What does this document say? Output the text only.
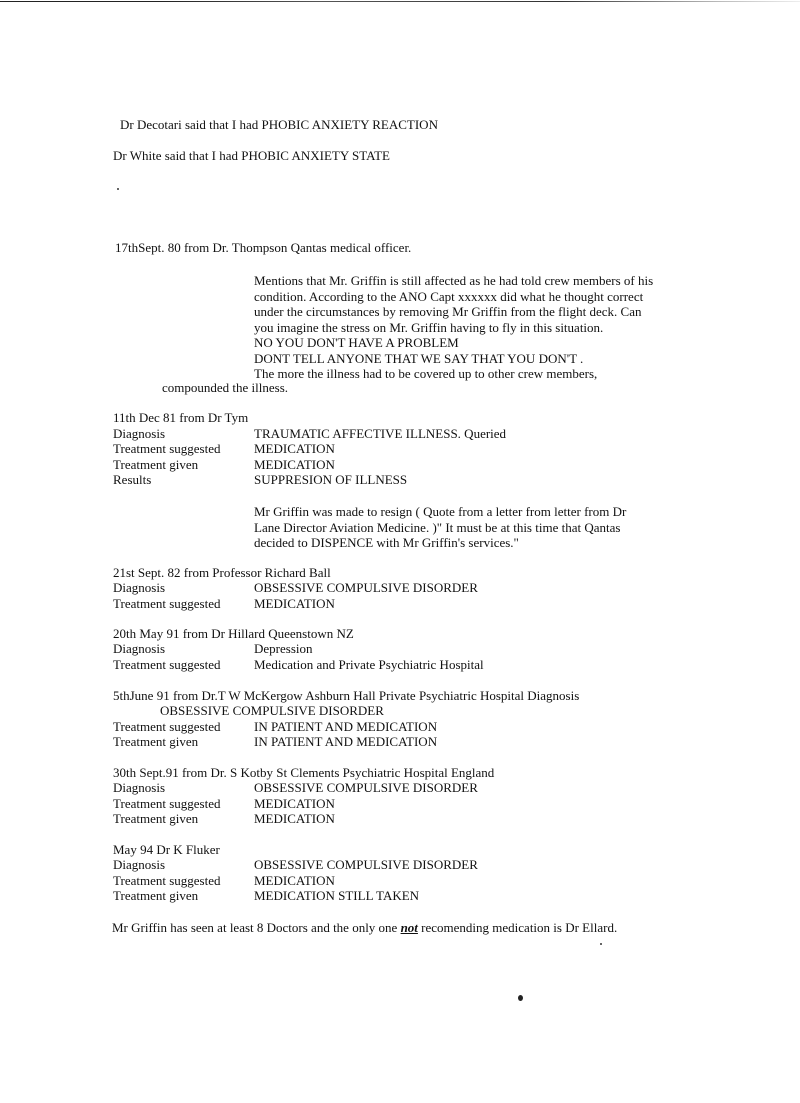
Dr Decotari said that I had PHOBIC ANXIETY REACTION

Dr White said that I had PHOBIC ANXIETY STATE

17thSept. 80 from Dr. Thompson Qantas medical officer.

Mentions that Mr. Griffin is still affected as he had told crew members of his

condition. According to the ANO Capt xxxxxx did what he thought correct

under the circumstances by removing Mr Griffin from the flight deck. Can

you imagine the stress on Mr. Griffin having to fly in this situation.

NO YOU DON'T HAVE A PROBLEM

DONT TELL ANYONE THAT WE SAY THAT YOU DON'T .

The more the illness had to be covered up to other crew members,

compounded the illness.

11th Dec 81 from Dr Tym

Diagnosis	TRAUMATIC AFFECTIVE ILLNESS. Queried

Treatment suggested	MEDICATION

Treatment given	MEDICATION

Results	SUPPRESION OF ILLNESS

Mr Griffin was made to resign ( Quote from a letter from letter from Dr

Lane Director Aviation Medicine. )" It must be at this time that Qantas

decided to DISPENCE with Mr Griffin's services."

21st Sept. 82 from Professor Richard Ball

Diagnosis	OBSESSIVE COMPULSIVE DISORDER

Treatment suggested	MEDICATION

20th May 91 from Dr Hillard Queenstown NZ

Diagnosis	Depression

Treatment suggested	Medication and Private Psychiatric Hospital

5thJune 91 from Dr.T W McKergow Ashburn Hall Private Psychiatric Hospital Diagnosis

OBSESSIVE COMPULSIVE DISORDER

Treatment suggested	IN PATIENT AND MEDICATION

Treatment given	IN PATIENT AND MEDICATION

30th Sept.91 from Dr. S Kotby St Clements Psychiatric Hospital England

Diagnosis	OBSESSIVE COMPULSIVE DISORDER

Treatment suggested	MEDICATION

Treatment given	MEDICATION

May 94 Dr K Fluker

Diagnosis	OBSESSIVE COMPULSIVE DISORDER

Treatment suggested	MEDICATION

Treatment given	MEDICATION STILL TAKEN

Mr Griffin has seen at least 8 Doctors and the only one not recomending medication is Dr Ellard.
